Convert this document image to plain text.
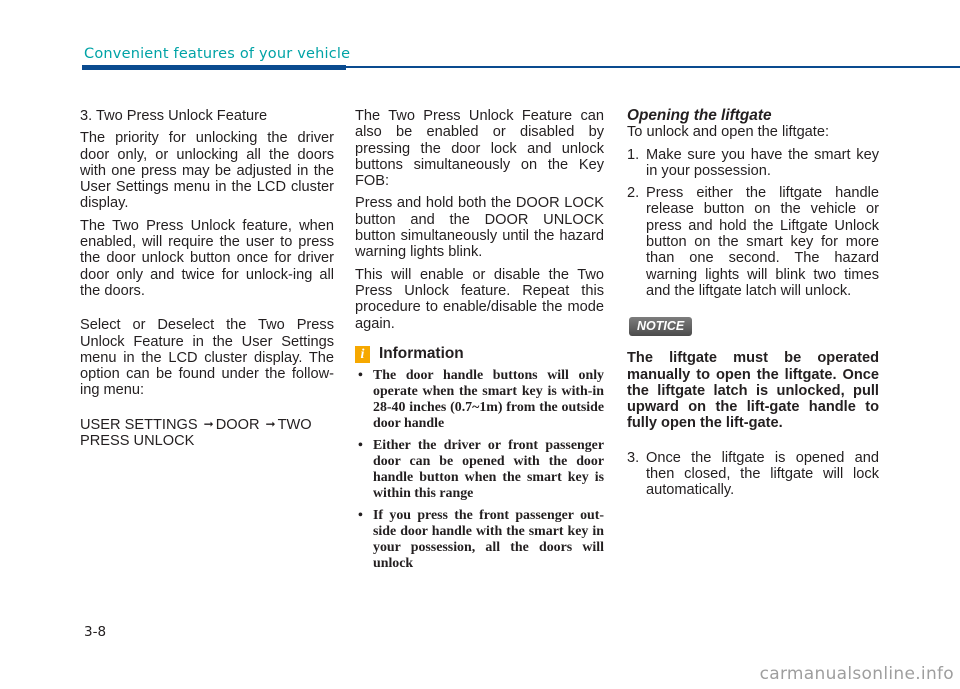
Convenient features of your vehicle

3. Two Press Unlock Feature

The priority for unlocking the driver door only, or unlocking all the doors with one press may be adjusted in the User Settings menu in the LCD cluster display.

The Two Press Unlock feature, when enabled, will require the user to press the door unlock button once for driver door only and twice for unlock-ing all the doors.

Select or Deselect the Two Press Unlock Feature in the User Settings menu in the LCD cluster display. The option can be found under the follow-ing menu:

USER SETTINGS ➞ DOOR ➞ TWO PRESS UNLOCK

The Two Press Unlock Feature can also be enabled or disabled by pressing the door lock and unlock buttons simultaneously on the Key FOB:

Press and hold both the DOOR LOCK button and the DOOR UNLOCK button simultaneously until the hazard warning lights blink.

This will enable or disable the Two Press Unlock feature. Repeat this procedure to enable/disable the mode again.

i Information
• The door handle buttons will only operate when the smart key is with-in 28-40 inches (0.7~1m) from the outside door handle
• Either the driver or front passenger door can be opened with the door handle button when the smart key is within this range
• If you press the front passenger out-side door handle with the smart key in your possession, all the doors will unlock

Opening the liftgate

To unlock and open the liftgate:

1. Make sure you have the smart key in your possession.
2. Press either the liftgate handle release button on the vehicle or press and hold the Liftgate Unlock button on the smart key for more than one second. The hazard warning lights will blink two times and the liftgate latch will unlock.
NOTICE

The liftgate must be operated manually to open the liftgate. Once the liftgate latch is unlocked, pull upward on the lift-gate handle to fully open the lift-gate.

3. Once the liftgate is opened and then closed, the liftgate will lock automatically.
3-8
carmanualsonline.info
